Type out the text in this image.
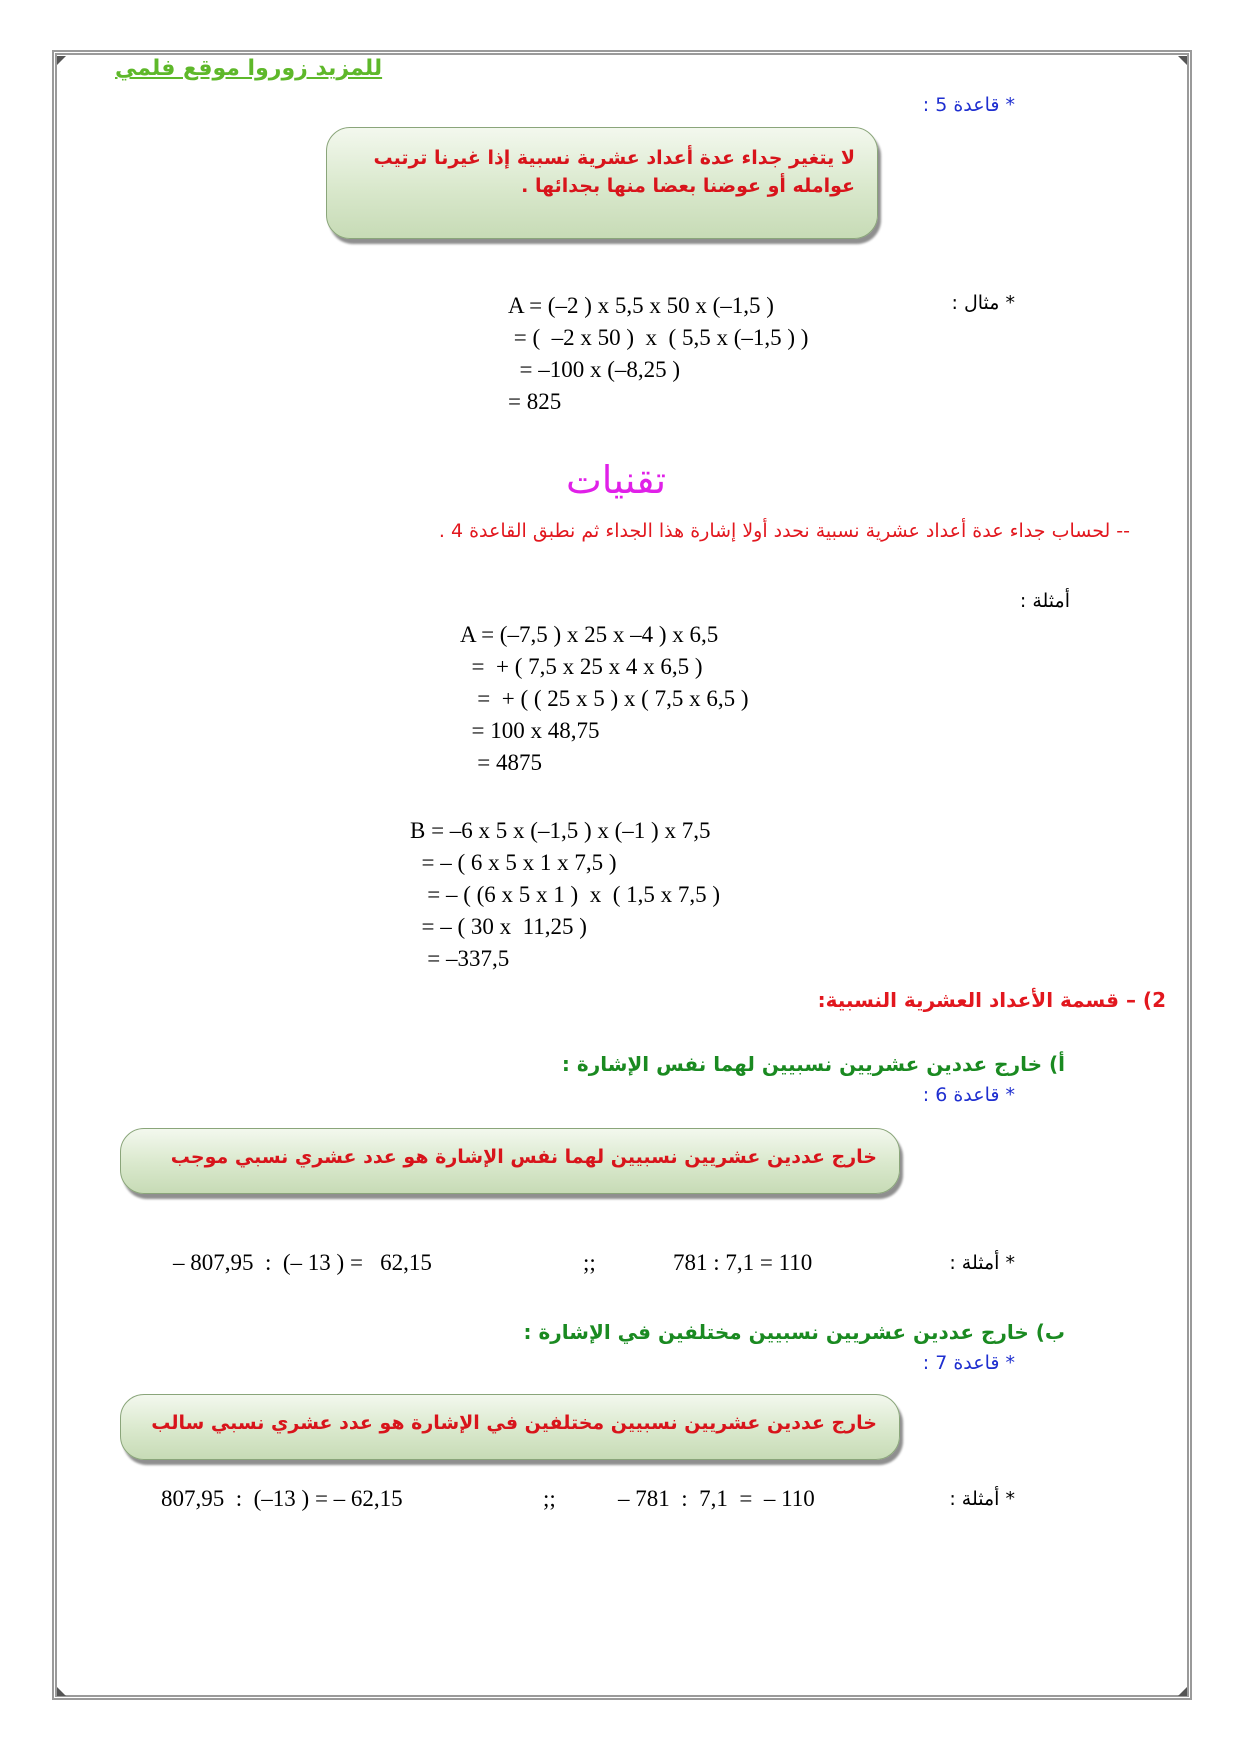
للمزيد زوروا موقع فلمي
* قاعدة 5 :
لا يتغير جداء عدة أعداد عشرية نسبية إذا غيرنا ترتيب عوامله أو عوضنا بعضا منها بجدائها .
* مثال :
A = (–2 ) x 5,5 x 50 x (–1,5 )
= (  –2 x 50 )  x  ( 5,5 x (–1,5 ) )
= –100 x (–8,25 )
= 825
تقنيات
-- لحساب جداء عدة أعداد عشرية نسبية نحدد أولا إشارة هذا الجداء ثم نطبق القاعدة 4 .
أمثلة :
A = (–7,5 ) x 25 x –4 ) x 6,5
=  + ( 7,5 x 25 x 4 x 6,5 )
=  + ( ( 25 x 5 ) x ( 7,5 x 6,5 )
= 100 x 48,75
= 4875
B = –6 x 5 x (–1,5 ) x (–1 ) x 7,5
= – ( 6 x 5 x 1 x 7,5 )
= – ( (6 x 5 x 1 )  x  ( 1,5 x 7,5 )
= – ( 30 x  11,25 )
= –337,5
2) – قسمة الأعداد العشرية النسبية:
أ) خارج عددين عشريين نسبيين لهما نفس الإشارة :
* قاعدة 6 :
خارج عددين عشريين نسبيين لهما نفس الإشارة هو عدد عشري نسبي موجب
* أمثلة :
781 : 7,1 = 110
;;
– 807,95  :  (– 13 ) =   62,15
ب) خارج عددين عشريين نسبيين مختلفين في الإشارة :
* قاعدة 7 :
خارج عددين عشريين نسبيين مختلفين في الإشارة هو عدد عشري نسبي سالب
* أمثلة :
– 781  :  7,1  =  – 110
;;
807,95  :  (–13 ) = – 62,15
